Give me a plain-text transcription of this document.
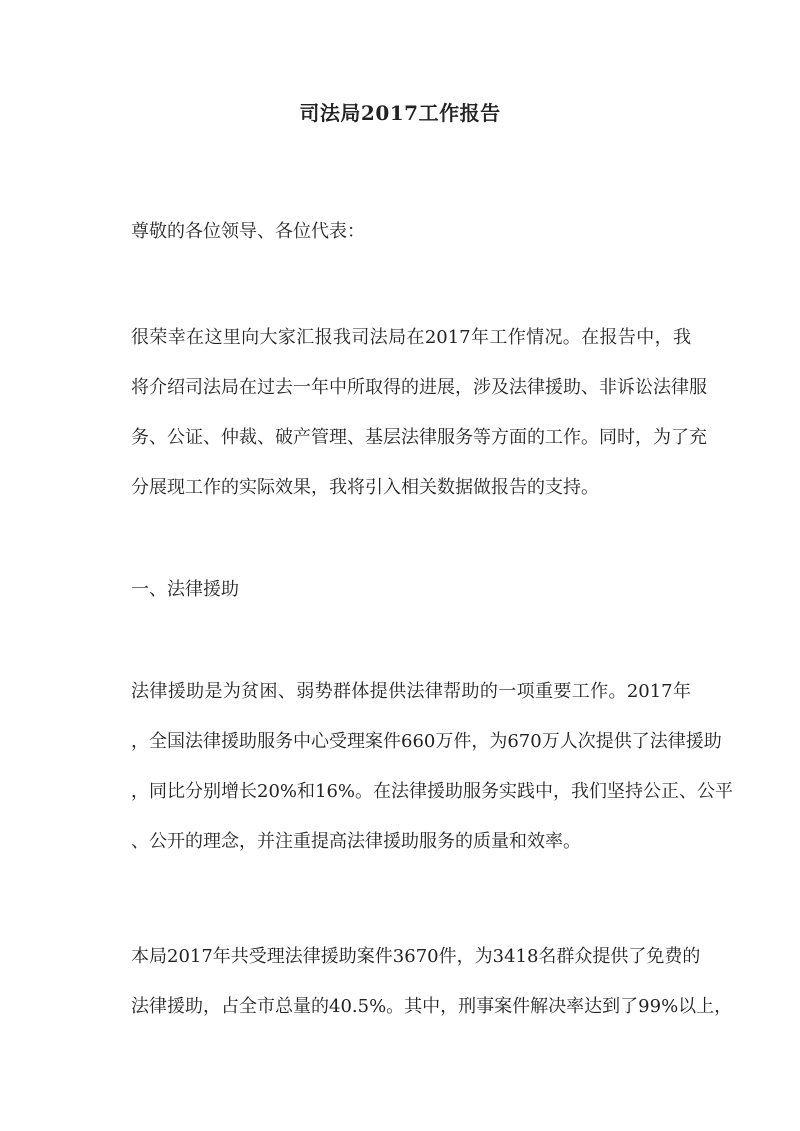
司法局2017工作报告
尊敬的各位领导、各位代表：
很荣幸在这里向大家汇报我司法局在2017年工作情况。在报告中，我
将介绍司法局在过去一年中所取得的进展，涉及法律援助、非诉讼法律服
务、公证、仲裁、破产管理、基层法律服务等方面的工作。同时，为了充
分展现工作的实际效果，我将引入相关数据做报告的支持。
一、法律援助
法律援助是为贫困、弱势群体提供法律帮助的一项重要工作。2017年
，全国法律援助服务中心受理案件660万件，为670万人次提供了法律援助
，同比分别增长20%和16%。在法律援助服务实践中，我们坚持公正、公平
、公开的理念，并注重提高法律援助服务的质量和效率。
本局2017年共受理法律援助案件3670件，为3418名群众提供了免费的
法律援助，占全市总量的40.5%。其中，刑事案件解决率达到了99%以上，
